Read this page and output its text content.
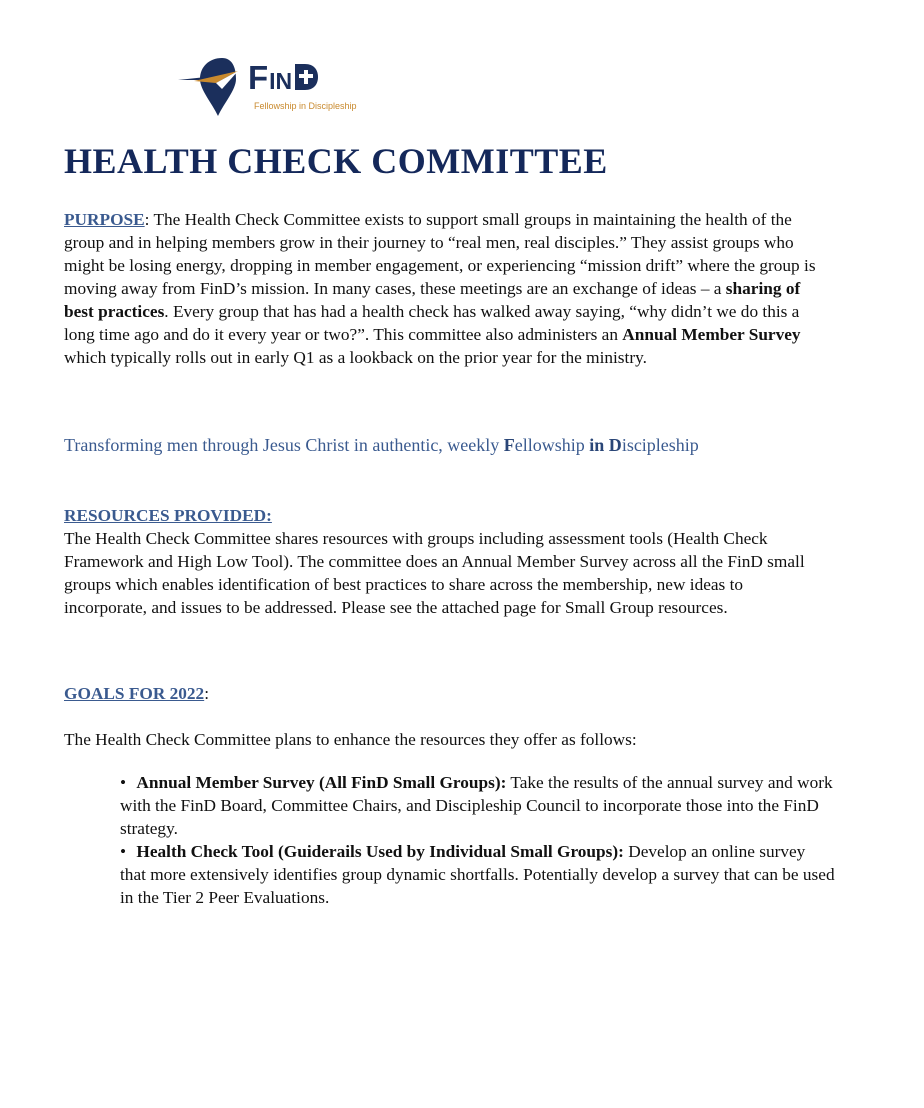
FIN
Fellowship in Discipleship
HEALTH CHECK COMMITTEE

PURPOSE: The Health Check Committee exists to support small groups in maintaining the health of the group and in helping members grow in their journey to “real men, real disciples.” They assist groups who might be losing energy, dropping in member engagement, or experiencing “mission drift” where the group is moving away from FinD’s mission. In many cases, these meetings are an exchange of ideas – a sharing of best practices. Every group that has had a health check has walked away saying, “why didn’t we do this a long time ago and do it every year or two?”. This committee also administers an Annual Member Survey which typically rolls out in early Q1 as a lookback on the prior year for the ministry.

Transforming men through Jesus Christ in authentic, weekly Fellowship in Discipleship
RESOURCES PROVIDED:

The Health Check Committee shares resources with groups including assessment tools (Health Check Framework and High Low Tool). The committee does an Annual Member Survey across all the FinD small groups which enables identification of best practices to share across the membership, new ideas to incorporate, and issues to be addressed. Please see the attached page for Small Group resources.

GOALS FOR 2022:

The Health Check Committee plans to enhance the resources they offer as follows:

• Annual Member Survey (All FinD Small Groups): Take the results of the annual survey and work with the FinD Board, Committee Chairs, and Discipleship Council to incorporate those into the FinD strategy.
• Health Check Tool (Guiderails Used by Individual Small Groups): Develop an online survey that more extensively identifies group dynamic shortfalls. Potentially develop a survey that can be used in the Tier 2 Peer Evaluations.
